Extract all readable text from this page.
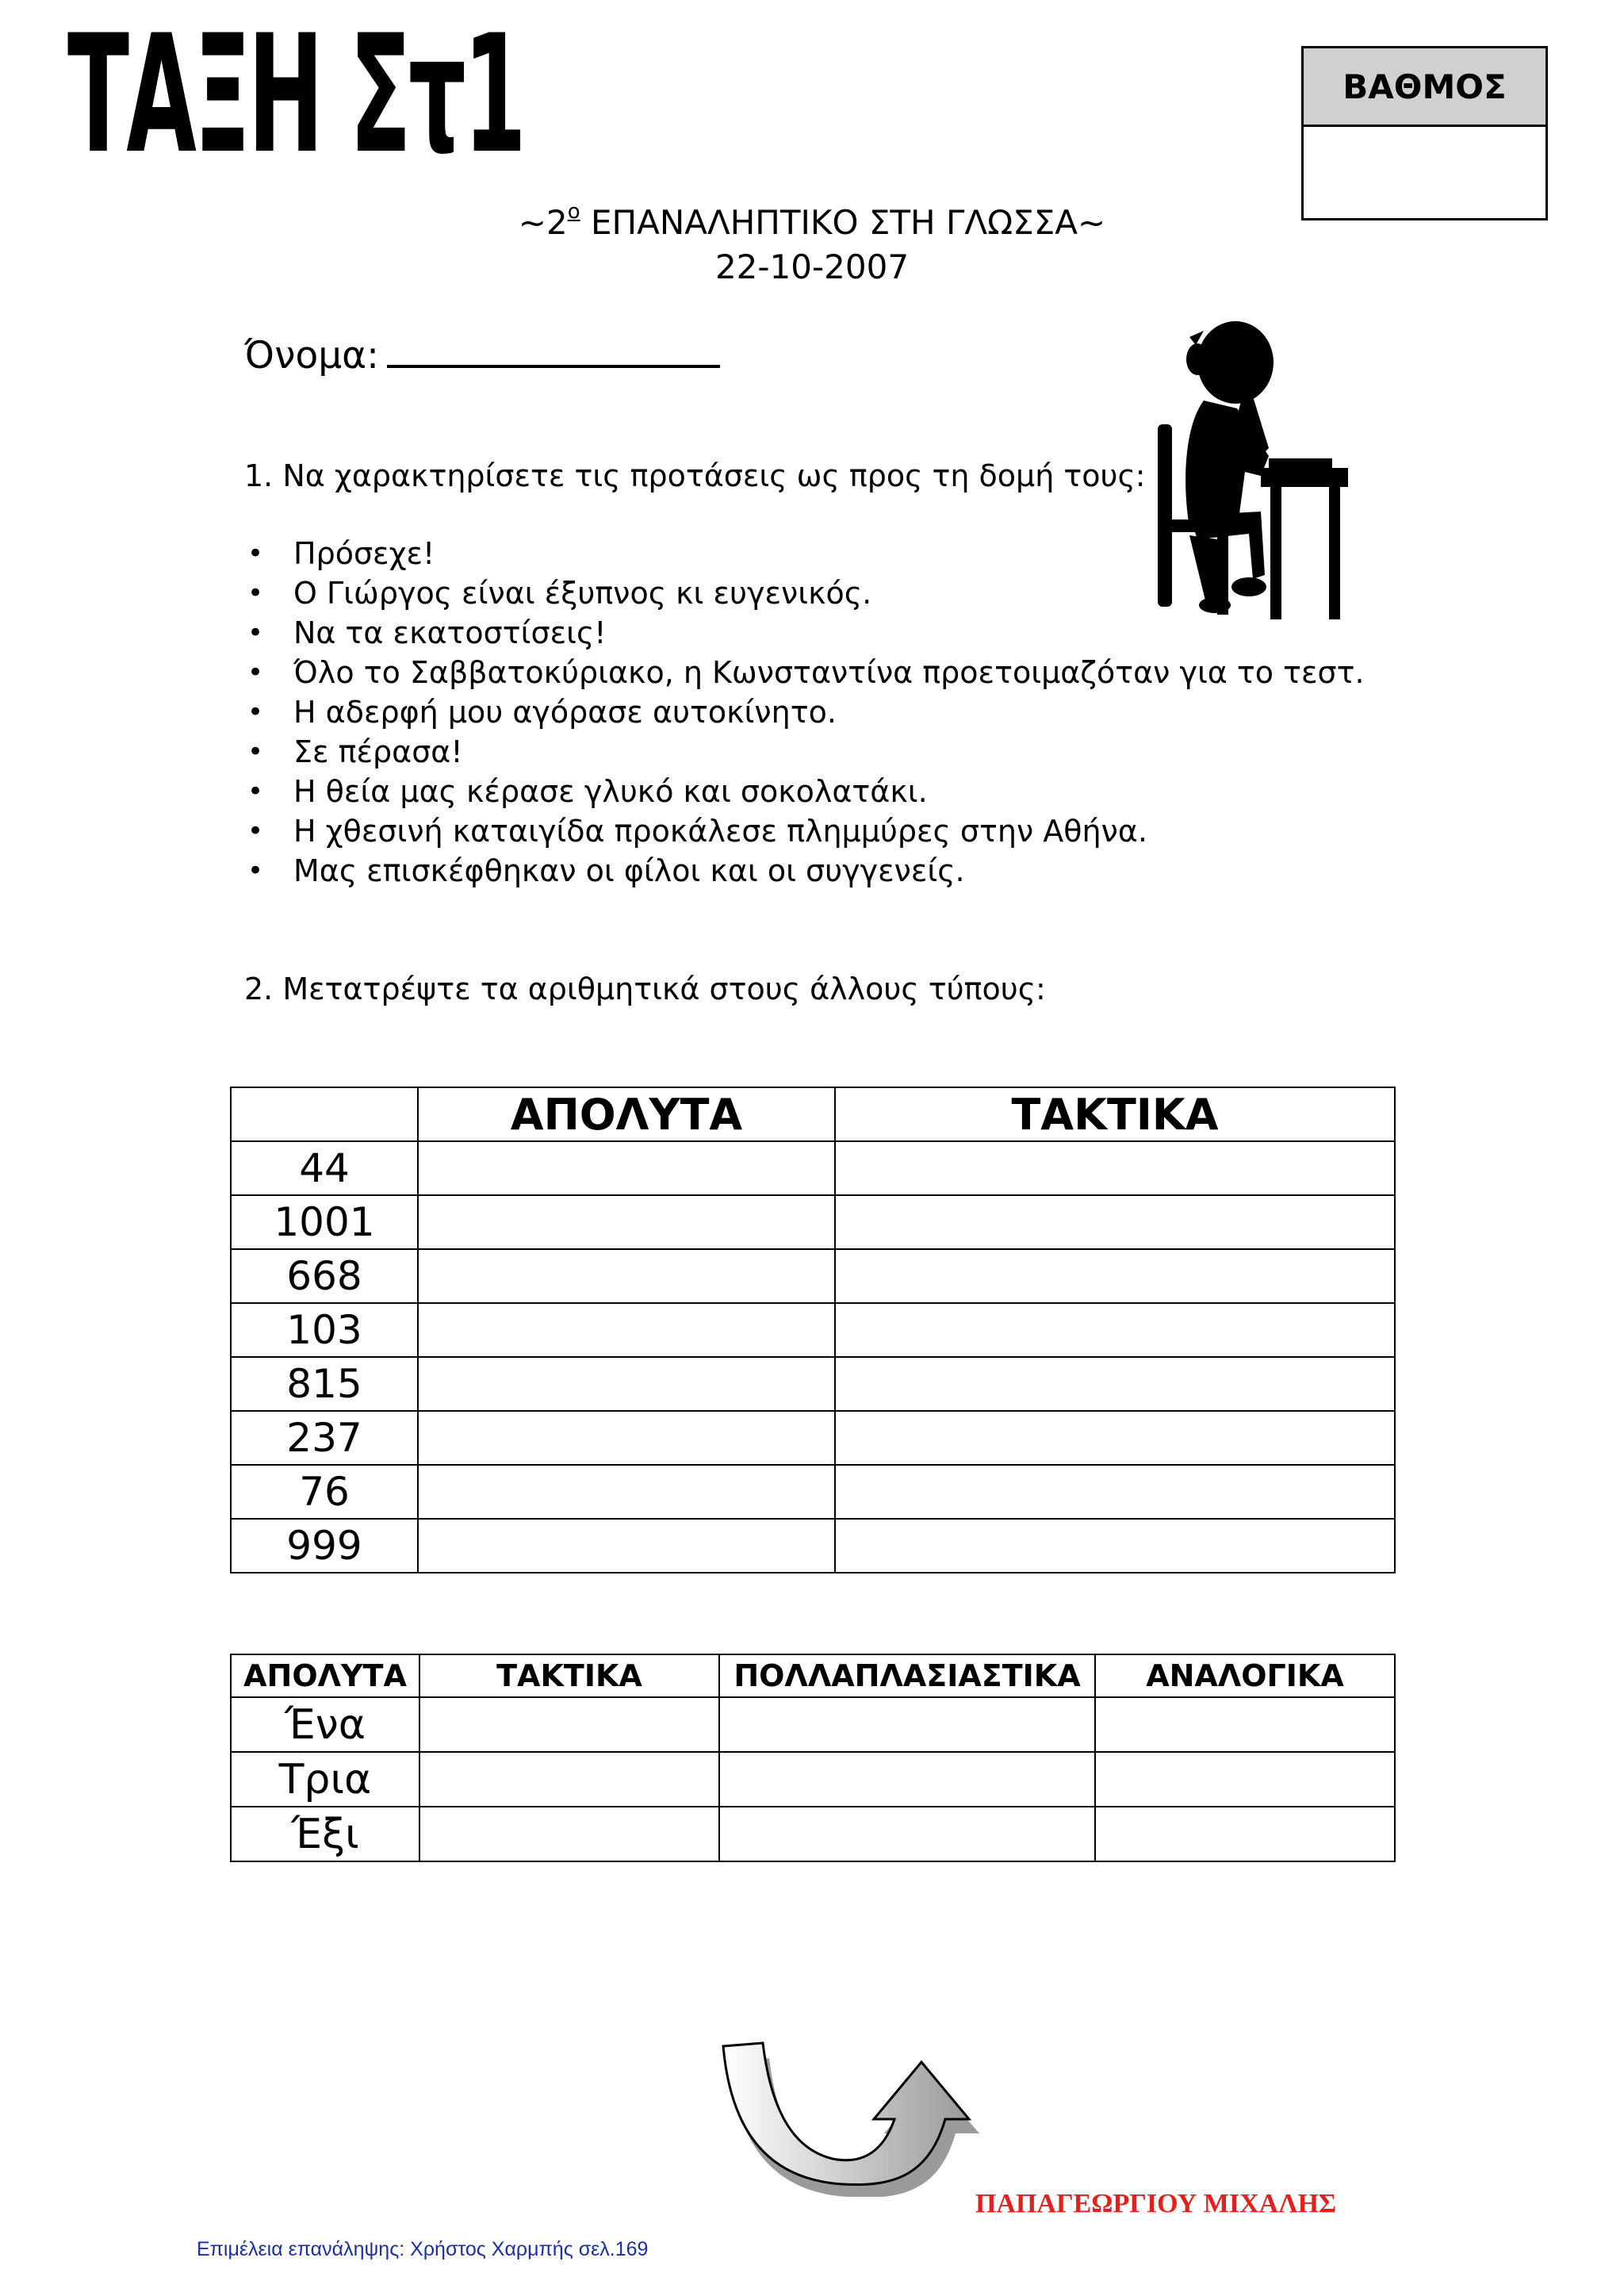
ΤΑΞΗ Στ1	ΒΑΘΜΟΣ
$\sim 2^o$ ΕΠΑΝΑΛΗΠΤΙΚΟ ΣΤΗ ΓΛΩΣΣΑ~
22-10-2007
Όνομα:
1. Να χαρακτηρίσετε τις προτάσεις ως προς τη δομή τους:
• Πρόσεχε!
• Ο Γιώργος είναι έξυπνος κι ευγενικός.
• Να τα εκατοστίσεις!
• Όλο το Σαββατοκύριακο, η Κωνσταντίνα προετοιμαζόταν για το τεστ.
• Η αδερφή μου αγόρασε αυτοκίνητο.
• Σε πέρασα!
• Η θεία μας κέρασε γλυκό και σοκολατάκι.
• Η χθεσινή καταιγίδα προκάλεσε πλημμύρες στην Αθήνα.
• Μας επισκέφθηκαν οι φίλοι και οι συγγενείς.
2. Μετατρέψτε τα αριθμητικά στους άλλους τύπους:
	ΑΠΟΛΥΤΑ	ΤΑΚΤΙΚΑ
44		
1001		
668		
103		
815		
237		
76		
999		
ΑΠΟΛΥΤΑ	ΤΑΚΤΙΚΑ	ΠΟΛΛΑΠΛΑΣΙΑΣΤΙΚΑ	ΑΝΑΛΟΓΙΚΑ
Ένα			
Τρια			
Έξι			
ΠΑΠΑΓΕΩΡΓΙΟΥ ΜΙΧΑΛΗΣ
Επιμέλεια επανάληψης: Χρήστος Χαρμπής σελ.169
